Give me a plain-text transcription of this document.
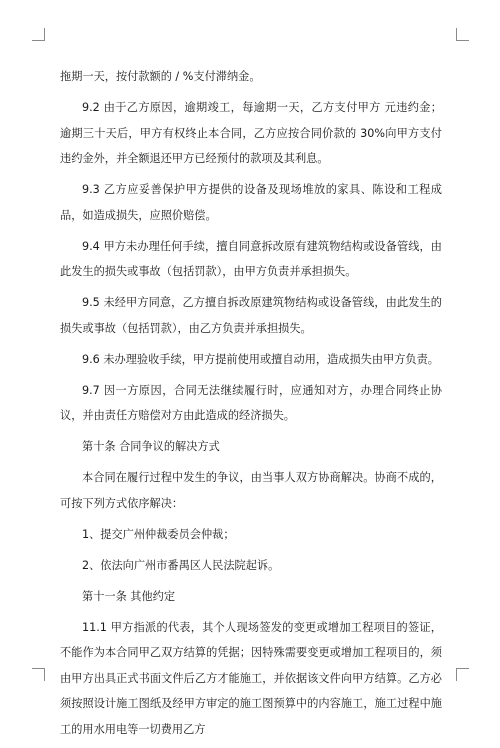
拖期一天，按付款额的 / %支付滞纳金。

9.2 由于乙方原因，逾期竣工，每逾期一天，乙方支付甲方 元违约金；逾期三十天后，甲方有权终止本合同，乙方应按合同价款的 30%向甲方支付违约金外，并全额退还甲方已经预付的款项及其利息。

9.3 乙方应妥善保护甲方提供的设备及现场堆放的家具、陈设和工程成品，如造成损失，应照价赔偿。

9.4 甲方未办理任何手续，擅自同意拆改原有建筑物结构或设备管线，由此发生的损失或事故（包括罚款），由甲方负责并承担损失。

9.5 未经甲方同意，乙方擅自拆改原建筑物结构或设备管线，由此发生的损失或事故（包括罚款），由乙方负责并承担损失。

9.6 未办理验收手续，甲方提前使用或擅自动用，造成损失由甲方负责。

9.7 因一方原因，合同无法继续履行时，应通知对方，办理合同终止协议，并由责任方赔偿对方由此造成的经济损失。

第十条 合同争议的解决方式

本合同在履行过程中发生的争议，由当事人双方协商解决。协商不成的，可按下列方式依序解决：

1、提交广州仲裁委员会仲裁；

2、依法向广州市番禺区人民法院起诉。

第十一条 其他约定

11.1 甲方指派的代表，其个人现场签发的变更或增加工程项目的签证，不能作为本合同甲乙双方结算的凭据；因特殊需要变更或增加工程项目的，须由甲方出具正式书面文件后乙方才能施工，并依据该文件向甲方结算。乙方必须按照设计施工图纸及经甲方审定的施工图预算中的内容施工，施工过程中施工的用水用电等一切费用乙方
